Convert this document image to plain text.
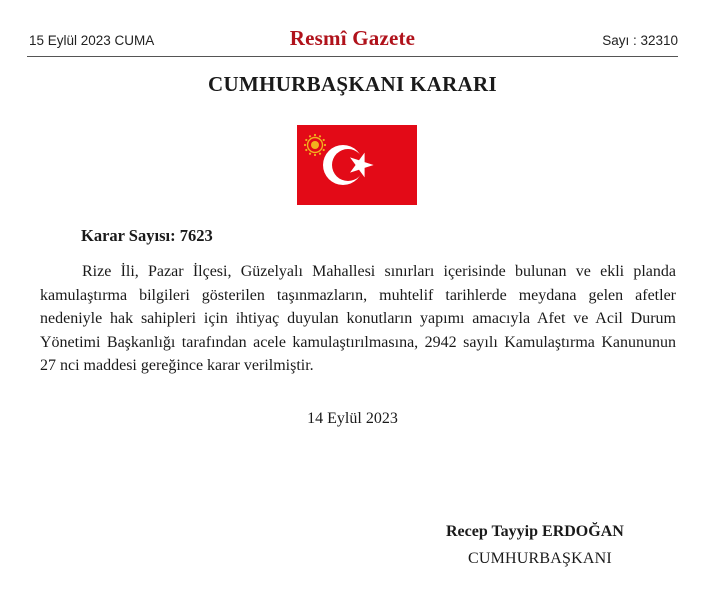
15 Eylül 2023 CUMA	Resmî Gazete	Sayı : 32310
CUMHURBAŞKANI KARARI
Karar Sayısı: 7623
Rize İli, Pazar İlçesi, Güzelyalı Mahallesi sınırları içerisinde bulunan ve ekli planda kamulaştırma bilgileri gösterilen taşınmazların, muhtelif tarihlerde meydana gelen afetler nedeniyle hak sahipleri için ihtiyaç duyulan konutların yapımı amacıyla Afet ve Acil Durum Yönetimi Başkanlığı tarafından acele kamulaştırılmasına, 2942 sayılı Kamulaştırma Kanununun 27 nci maddesi gereğince karar verilmiştir.
14 Eylül 2023
Recep Tayyip ERDOĞAN
CUMHURBAŞKANI
